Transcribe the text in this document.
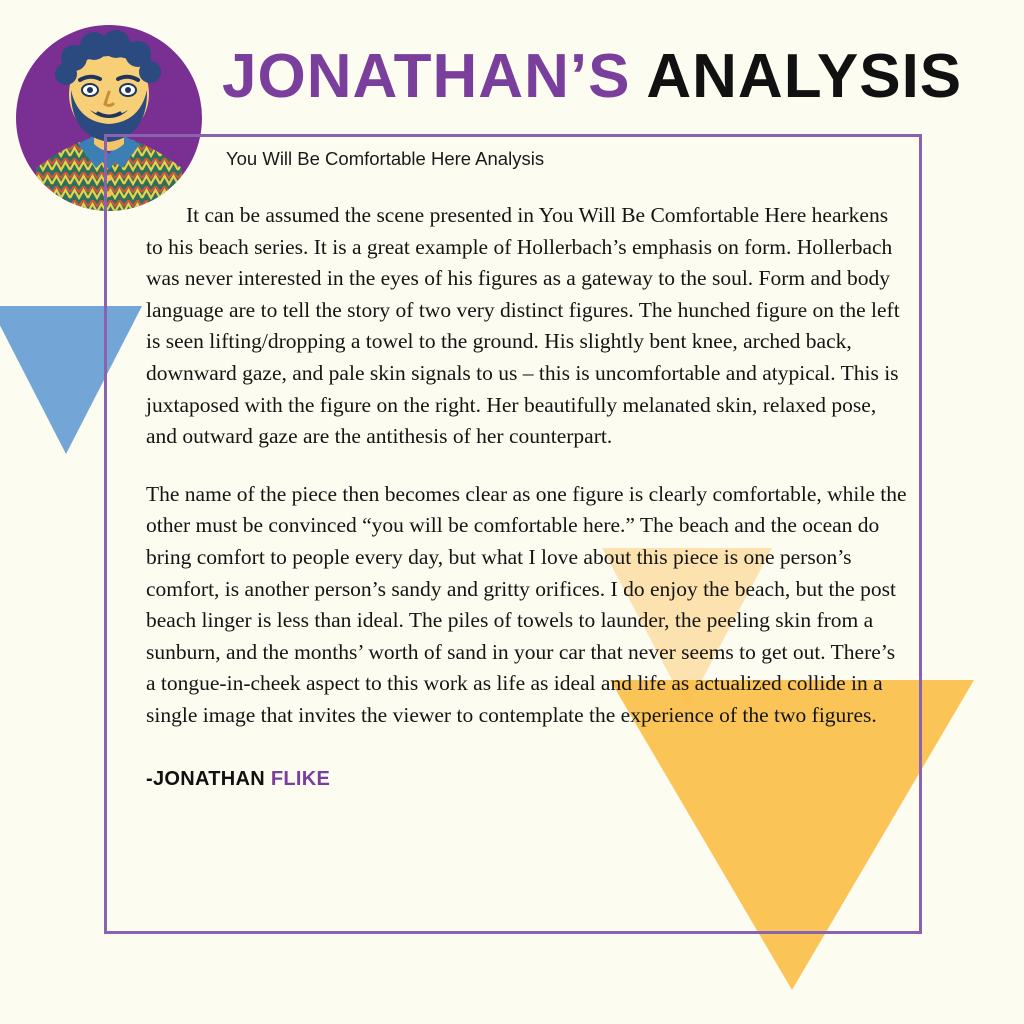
JONATHAN’S ANALYSIS

You Will Be Comfortable Here Analysis

It can be assumed the scene presented in You Will Be Comfortable Here hearkens to his beach series. It is a great example of Hollerbach’s emphasis on form. Hollerbach was never interested in the eyes of his figures as a gateway to the soul. Form and body language are to tell the story of two very distinct figures. The hunched figure on the left is seen lifting/dropping a towel to the ground. His slightly bent knee, arched back, downward gaze, and pale skin signals to us – this is uncomfortable and atypical. This is juxtaposed with the figure on the right. Her beautifully melanated skin, relaxed pose, and outward gaze are the antithesis of her counterpart.

The name of the piece then becomes clear as one figure is clearly comfortable, while the other must be convinced “you will be comfortable here.” The beach and the ocean do bring comfort to people every day, but what I love about this piece is one person’s comfort, is another person’s sandy and gritty orifices. I do enjoy the beach, but the post beach linger is less than ideal. The piles of towels to launder, the peeling skin from a sunburn, and the months’ worth of sand in your car that never seems to get out. There’s a tongue-in-cheek aspect to this work as life as ideal and life as actualized collide in a single image that invites the viewer to contemplate the experience of the two figures.

-JONATHAN FLIKE
